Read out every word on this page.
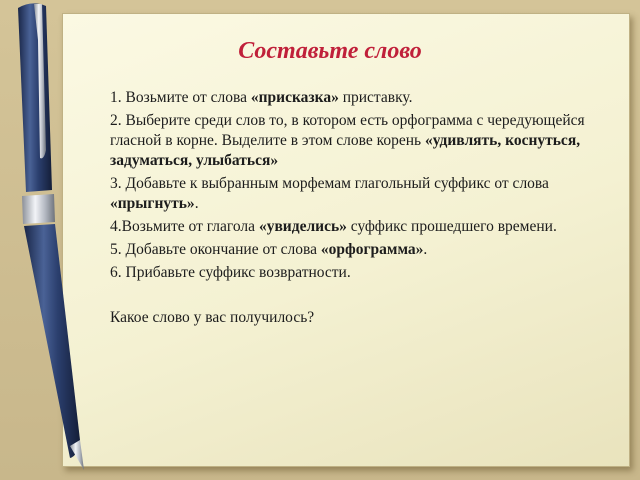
Составьте слово

1. Возьмите от слова «присказка» приставку.

2. Выберите среди слов то, в котором есть орфограмма с чередующейся гласной в корне. Выделите в этом слове корень «удивлять, коснуться, задуматься, улыбаться»

3. Добавьте к выбранным морфемам глагольный суффикс от слова «прыгнуть».

4.Возьмите от глагола «увиделись» суффикс прошедшего времени.

5. Добавьте окончание от слова «орфограмма».

6. Прибавьте суффикс возвратности.

Какое слово у вас получилось?
